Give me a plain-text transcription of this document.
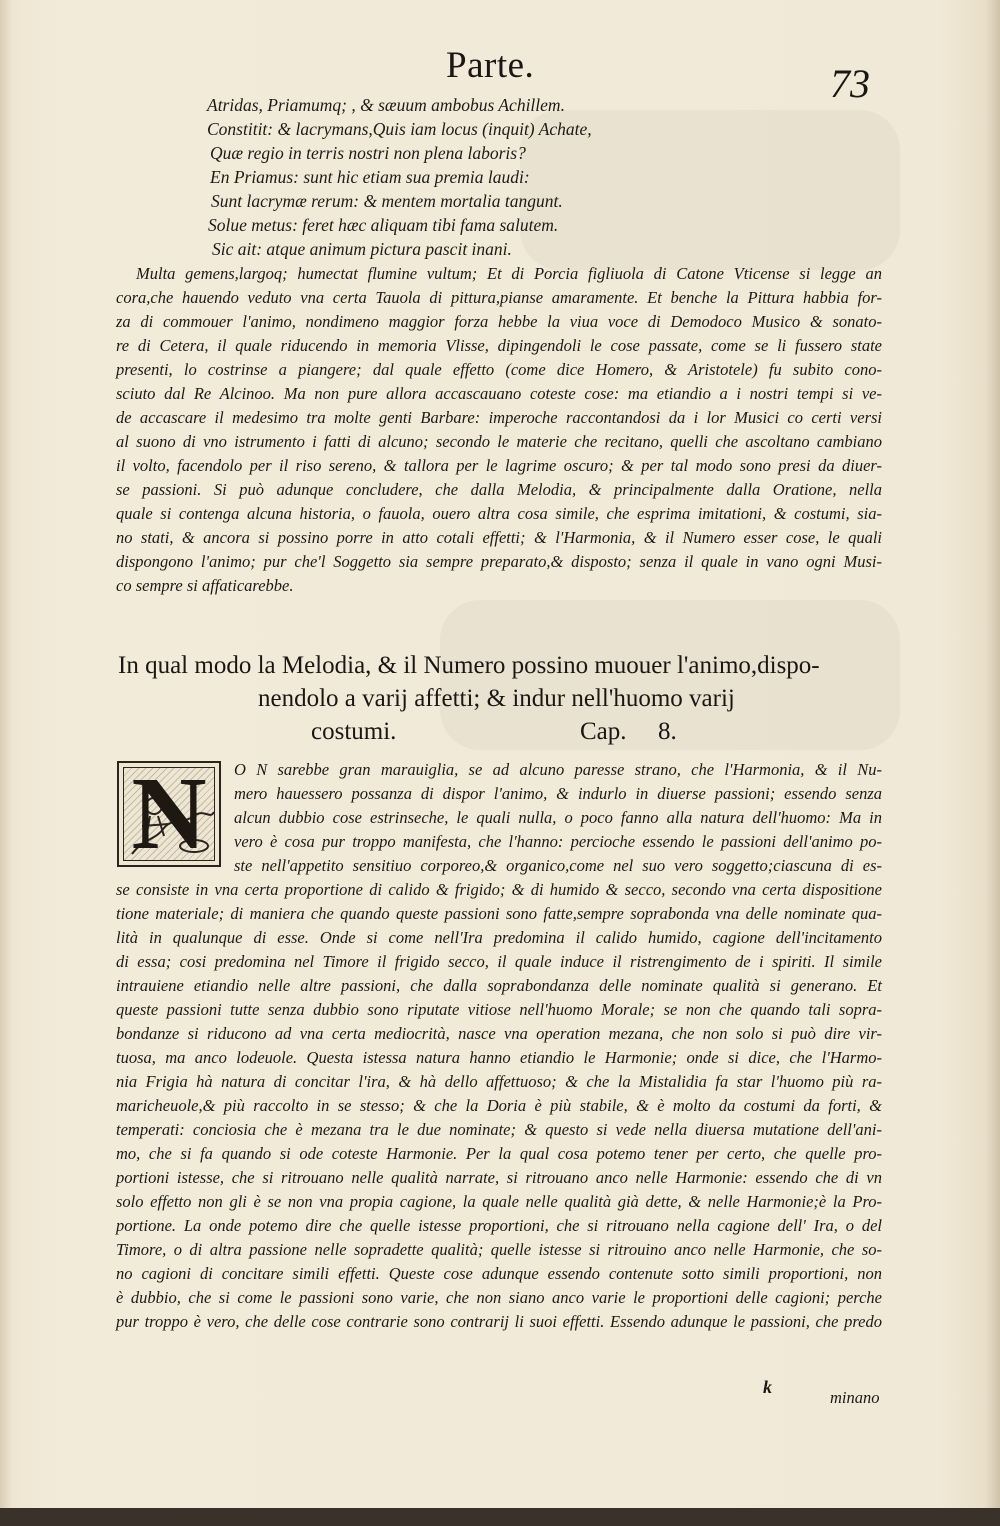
Parte.	73
Atridas, Priamumq; , & sæuum ambobus Achillem.
Constitit: & lacrymans,Quis iam locus (inquit) Achate,
Quæ regio in terris nostri non plena laboris?
En Priamus: sunt hic etiam sua premia laudi:
Sunt lacrymæ rerum: & mentem mortalia tangunt.
Solue metus: feret hæc aliquam tibi fama salutem.
Sic ait: atque animum pictura pascit inani.
Multa gemens,largoq; humectat flumine vultum; Et di Porcia figliuola di Catone Vticense si legge an
cora,che hauendo veduto vna certa Tauola di pittura,pianse amaramente. Et benche la Pittura habbia for-
za di commouer l'animo, nondimeno maggior forza hebbe la viua voce di Demodoco Musico & sonato-
re di Cetera, il quale riducendo in memoria Vlisse, dipingendoli le cose passate, come se li fussero state
presenti, lo costrinse a piangere; dal quale effetto (come dice Homero, & Aristotele) fu subito cono-
sciuto dal Re Alcinoo. Ma non pure allora accascauano coteste cose: ma etiandio a i nostri tempi si ve-
de accascare il medesimo tra molte genti Barbare: imperoche raccontandosi da i lor Musici co certi versi
al suono di vno istrumento i fatti di alcuno; secondo le materie che recitano, quelli che ascoltano cambiano
il volto, facendolo per il riso sereno, & tallora per le lagrime oscuro; & per tal modo sono presi da diuer-
se passioni. Si può adunque concludere, che dalla Melodia, & principalmente dalla Oratione, nella
quale si contenga alcuna historia, o fauola, ouero altra cosa simile, che esprima imitationi, & costumi, sia-
no stati, & ancora si possino porre in atto cotali effetti; & l'Harmonia, & il Numero esser cose, le quali
dispongono l'animo; pur che'l Soggetto sia sempre preparato,& disposto; senza il quale in vano ogni Musi-
co sempre si affaticarebbe.
In qual modo la Melodia, & il Numero possino muouer l'animo,dispo-
nendolo a varij affetti; & indur nell'huomo varij
costumi.	Cap. 8.
N	O N sarebbe gran marauiglia, se ad alcuno paresse strano, che l'Harmonia, & il Nu-
mero hauessero possanza di dispor l'animo, & indurlo in diuerse passioni; essendo senza
alcun dubbio cose estrinseche, le quali nulla, o poco fanno alla natura dell'huomo: Ma in
vero è cosa pur troppo manifesta, che l'hanno: percioche essendo le passioni dell'animo po-
ste nell'appetito sensitiuo corporeo,& organico,come nel suo vero soggetto;ciascuna di es-
se consiste in vna certa proportione di calido & frigido; & di humido & secco, secondo vna certa dispositione
tione materiale; di maniera che quando queste passioni sono fatte,sempre soprabonda vna delle nominate qua-
lità in qualunque di esse. Onde si come nell'Ira predomina il calido humido, cagione dell'incitamento
di essa; cosi predomina nel Timore il frigido secco, il quale induce il ristrengimento de i spiriti. Il simile
intrauiene etiandio nelle altre passioni, che dalla soprabondanza delle nominate qualità si generano. Et
queste passioni tutte senza dubbio sono riputate vitiose nell'huomo Morale; se non che quando tali sopra-
bondanze si riducono ad vna certa mediocrità, nasce vna operation mezana, che non solo si può dire vir-
tuosa, ma anco lodeuole. Questa istessa natura hanno etiandio le Harmonie; onde si dice, che l'Harmo-
nia Frigia hà natura di concitar l'ira, & hà dello affettuoso; & che la Mistalidia fa star l'huomo più ra-
maricheuole,& più raccolto in se stesso; & che la Doria è più stabile, & è molto da costumi da forti, &
temperati: conciosia che è mezana tra le due nominate; & questo si vede nella diuersa mutatione dell'ani-
mo, che si fa quando si ode coteste Harmonie. Per la qual cosa potemo tener per certo, che quelle pro-
portioni istesse, che si ritrouano nelle qualità narrate, si ritrouano anco nelle Harmonie: essendo che di vn
solo effetto non gli è se non vna propia cagione, la quale nelle qualità già dette, & nelle Harmonie;è la Pro-
portione. La onde potemo dire che quelle istesse proportioni, che si ritrouano nella cagione dell' Ira, o del
Timore, o di altra passione nelle sopradette qualità; quelle istesse si ritrouino anco nelle Harmonie, che so-
no cagioni di concitare simili effetti. Queste cose adunque essendo contenute sotto simili proportioni, non
è dubbio, che si come le passioni sono varie, che non siano anco varie le proportioni delle cagioni; perche
pur troppo è vero, che delle cose contrarie sono contrarij li suoi effetti. Essendo adunque le passioni, che predo
k
minano
